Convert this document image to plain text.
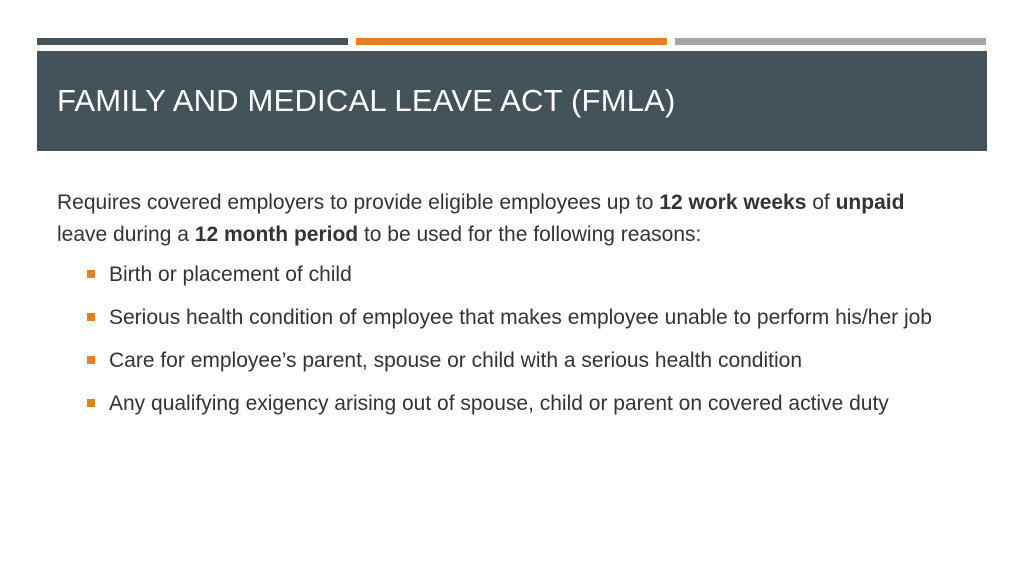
FAMILY AND MEDICAL LEAVE ACT (FMLA)

Requires covered employers to provide eligible employees up to 12 work weeks of unpaid leave during a 12 month period to be used for the following reasons:

Birth or placement of child
Serious health condition of employee that makes employee unable to perform his/her job
Care for employee’s parent, spouse or child with a serious health condition
Any qualifying exigency arising out of spouse, child or parent on covered active duty
